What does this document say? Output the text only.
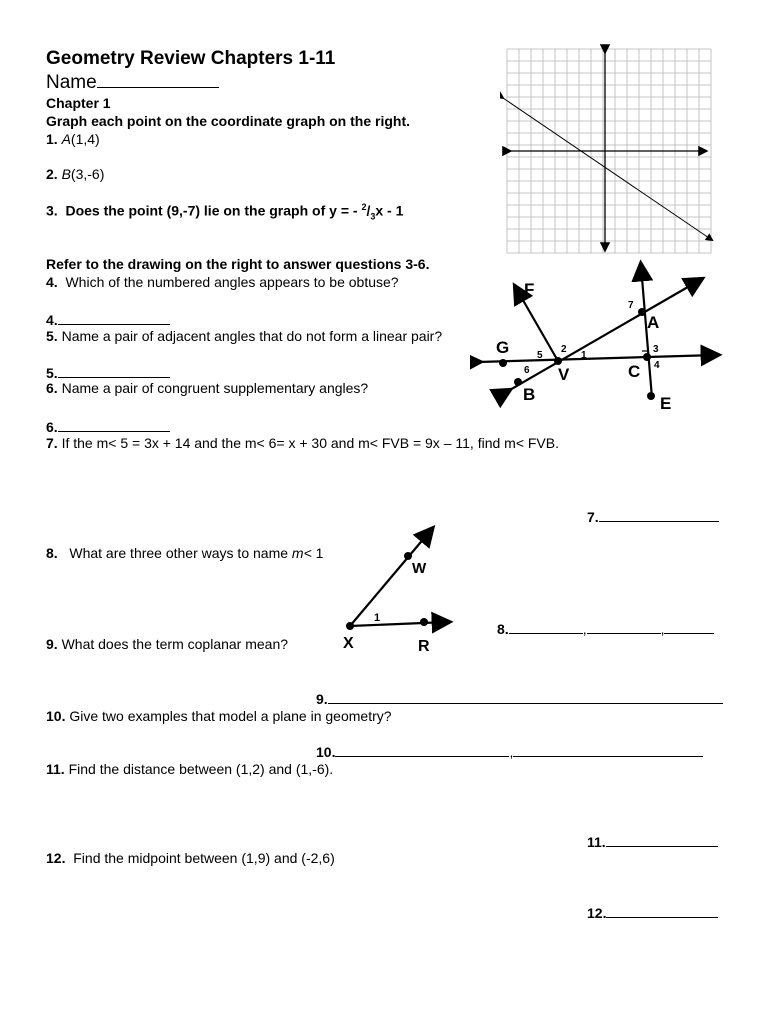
Geometry Review Chapters 1-11
Name
Chapter 1
Graph each point on the coordinate graph on the right.
1. A(1,4)
2. B(3,-6)
3. Does the point (9,-7) lie on the graph of y = - $^2/_3x - 1$
Refer to the drawing on the right to answer questions 3-6.
4. Which of the numbered angles appears to be obtuse?
4.
5. Name a pair of adjacent angles that do not form a linear pair?
5.
6. Name a pair of congruent supplementary angles?
6.
7. If the m< 5 = 3x + 14 and the m< 6= x + 30 and m< FVB = 9x – 11, find m< FVB.
7.
8. What are three other ways to name m< 1
8.	,	,
9. What does the term coplanar mean?
9.
10. Give two examples that model a plane in geometry?
10.	,
11. Find the distance between (1,2) and (1,-6).
11.
12. Find the midpoint between (1,9) and (-2,6)
12.
F
G
B
V
A
C
E
1
2	3
4
5
6
7
W
X	R
1
